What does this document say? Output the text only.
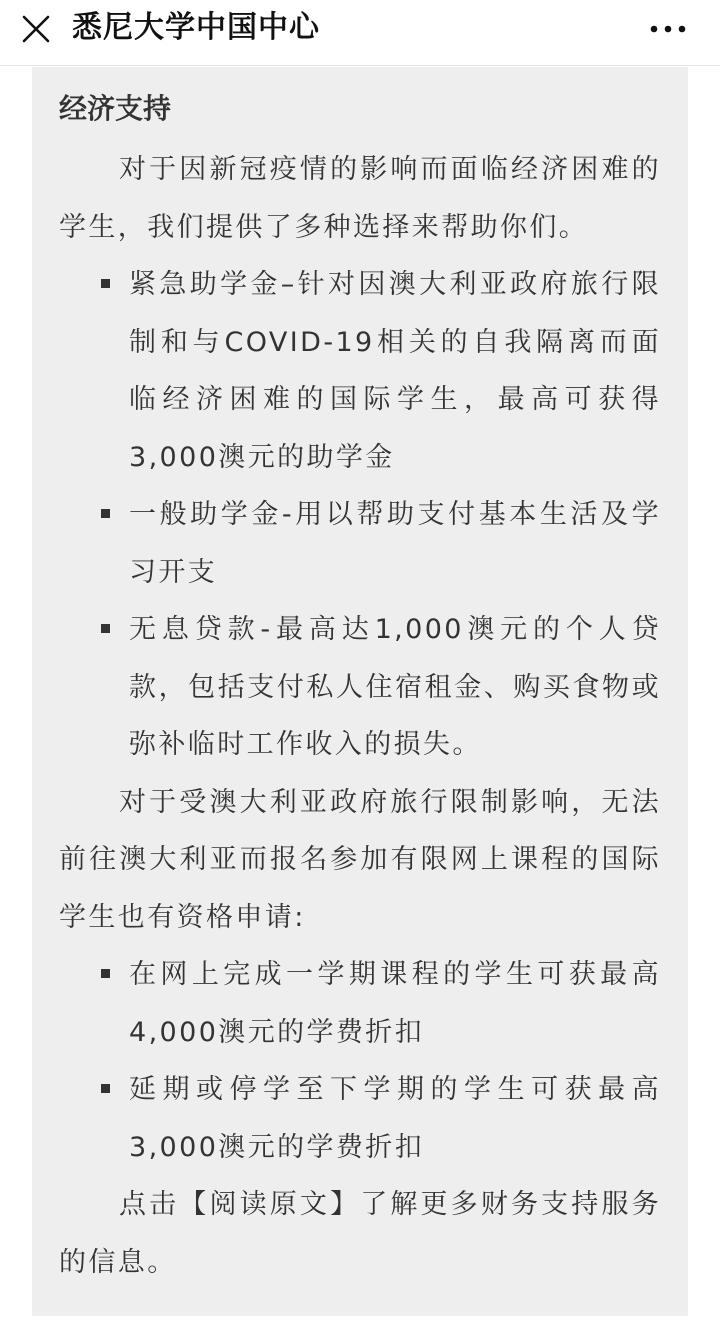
悉尼大学中国中心
经济支持

对于因新冠疫情的影响而面临经济困难的学生，我们提供了多种选择来帮助你们。

紧急助学金–针对因澳大利亚政府旅行限制和与COVID-19相关的自我隔离而面临经济困难的国际学生，最高可获得3,000澳元的助学金
一般助学金-用以帮助支付基本生活及学习开支
无息贷款-最高达1,000澳元的个人贷款，包括支付私人住宿租金、购买食物或弥补临时工作收入的损失。

对于受澳大利亚政府旅行限制影响，无法前往澳大利亚而报名参加有限网上课程的国际学生也有资格申请:

在网上完成一学期课程的学生可获最高4,000澳元的学费折扣
延期或停学至下学期的学生可获最高3,000澳元的学费折扣

点击【阅读原文】了解更多财务支持服务的信息。
